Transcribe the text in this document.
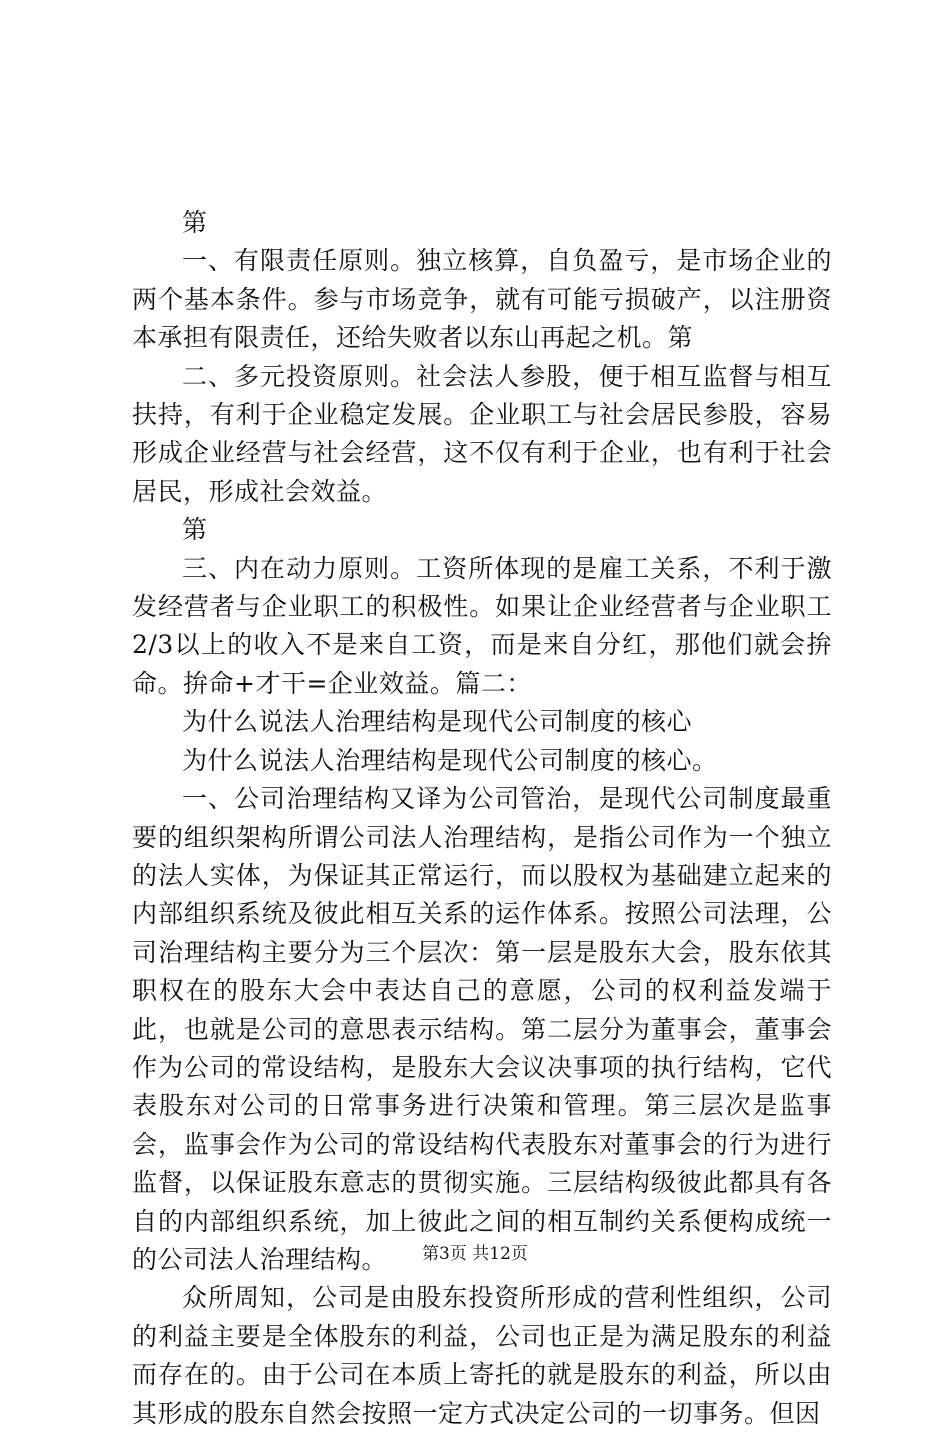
第

一、有限责任原则。独立核算，自负盈亏，是市场企业的两个基本条件。参与市场竞争，就有可能亏损破产，以注册资本承担有限责任，还给失败者以东山再起之机。第

二、多元投资原则。社会法人参股，便于相互监督与相互扶持，有利于企业稳定发展。企业职工与社会居民参股，容易形成企业经营与社会经营，这不仅有利于企业，也有利于社会居民，形成社会效益。

第

三、内在动力原则。工资所体现的是雇工关系，不利于激发经营者与企业职工的积极性。如果让企业经营者与企业职工2/3以上的收入不是来自工资，而是来自分红，那他们就会拚命。拚命+才干=企业效益。篇二：

为什么说法人治理结构是现代公司制度的核心

为什么说法人治理结构是现代公司制度的核心。

一、公司治理结构又译为公司管治，是现代公司制度最重要的组织架构所谓公司法人治理结构，是指公司作为一个独立的法人实体，为保证其正常运行，而以股权为基础建立起来的内部组织系统及彼此相互关系的运作体系。按照公司法理，公司治理结构主要分为三个层次：第一层是股东大会，股东依其职权在的股东大会中表达自己的意愿，公司的权利益发端于此，也就是公司的意思表示结构。第二层分为董事会，董事会作为公司的常设结构，是股东大会议决事项的执行结构，它代表股东对公司的日常事务进行决策和管理。第三层次是监事会，监事会作为公司的常设结构代表股东对董事会的行为进行监督，以保证股东意志的贯彻实施。三层结构级彼此都具有各自的内部组织系统，加上彼此之间的相互制约关系便构成统一的公司法人治理结构。

众所周知，公司是由股东投资所形成的营利性组织，公司的利益主要是全体股东的利益，公司也正是为满足股东的利益而存在的。由于公司在本质上寄托的就是股东的利益，所以由其形成的股东自然会按照一定方式决定公司的一切事务。但因

第3页 共12页
